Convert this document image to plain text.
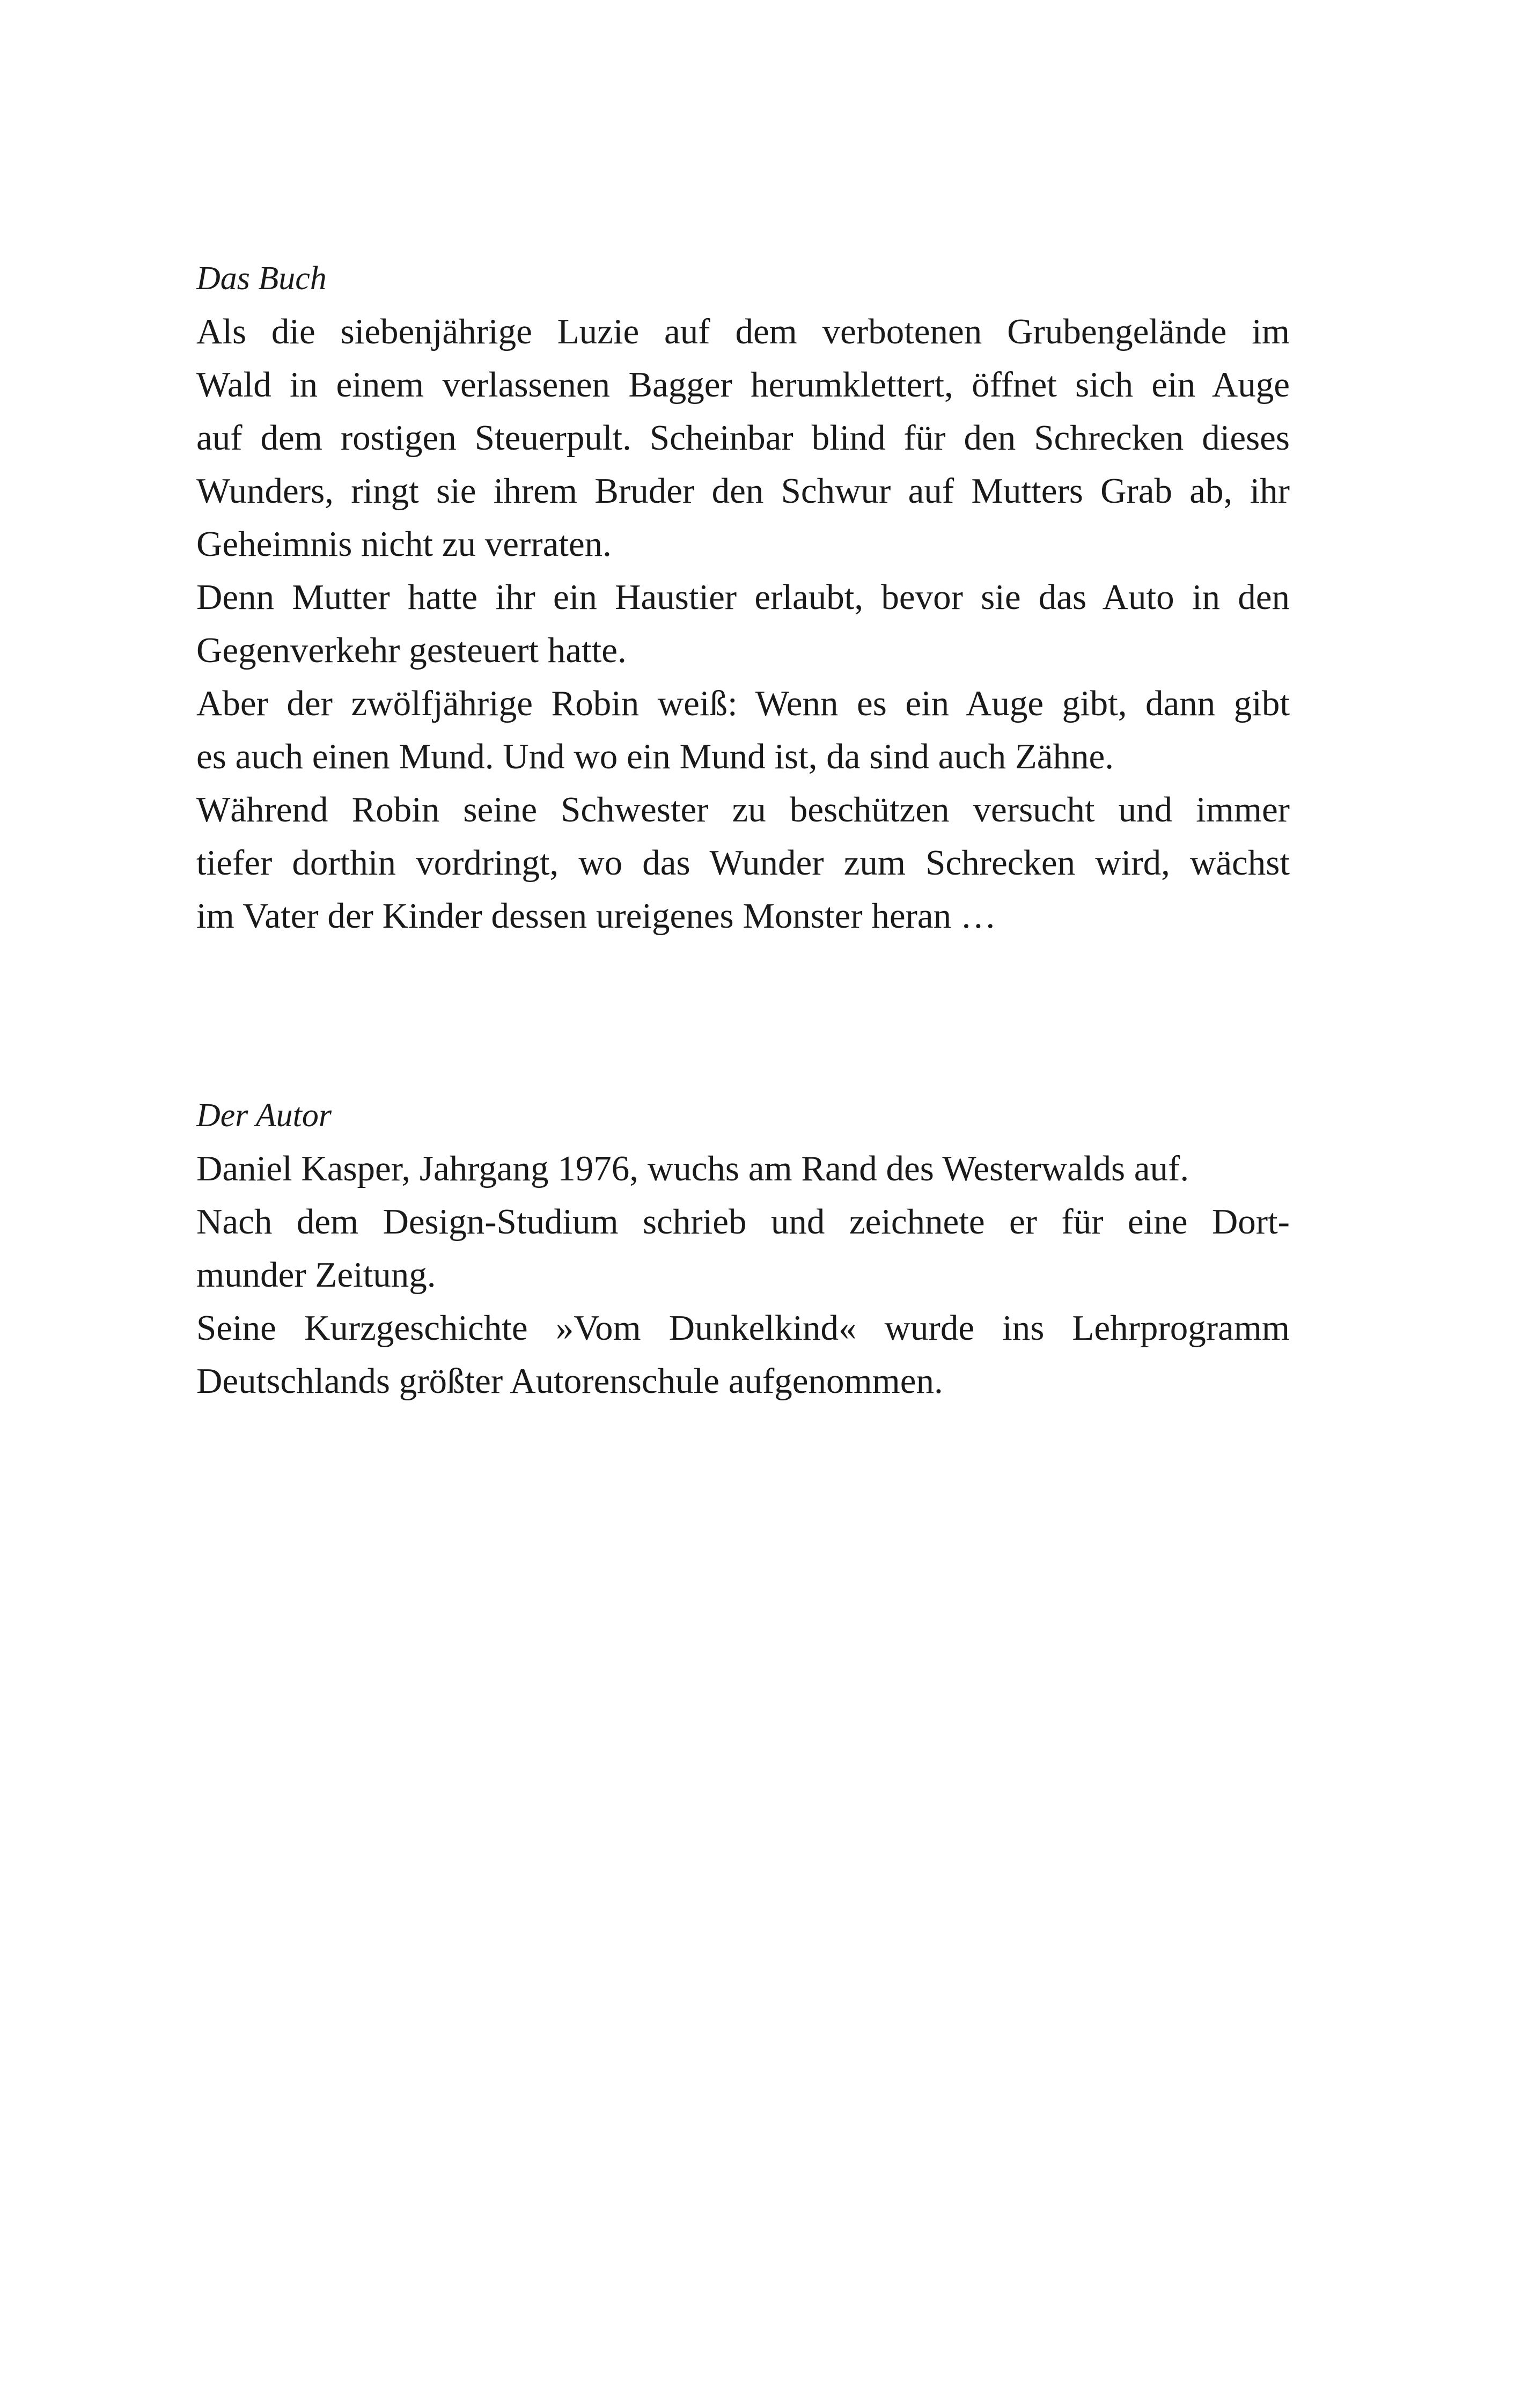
Das Buch
Als die siebenjährige Luzie auf dem verbotenen Grubengelände im
Wald in einem verlassenen Bagger herumklettert, öffnet sich ein Auge
auf dem rostigen Steuerpult. Scheinbar blind für den Schrecken dieses
Wunders, ringt sie ihrem Bruder den Schwur auf Mutters Grab ab, ihr
Geheimnis nicht zu verraten.
Denn Mutter hatte ihr ein Haustier erlaubt, bevor sie das Auto in den
Gegenverkehr gesteuert hatte.
Aber der zwölfjährige Robin weiß: Wenn es ein Auge gibt, dann gibt
es auch einen Mund. Und wo ein Mund ist, da sind auch Zähne.
Während Robin seine Schwester zu beschützen versucht und immer
tiefer dorthin vordringt, wo das Wunder zum Schrecken wird, wächst
im Vater der Kinder dessen ureigenes Monster heran …
Der Autor
Daniel Kasper, Jahrgang 1976, wuchs am Rand des Westerwalds auf.
Nach dem Design-Studium schrieb und zeichnete er für eine Dort-
munder Zeitung.
Seine Kurzgeschichte »Vom Dunkelkind« wurde ins Lehrprogramm
Deutschlands größter Autorenschule aufgenommen.
